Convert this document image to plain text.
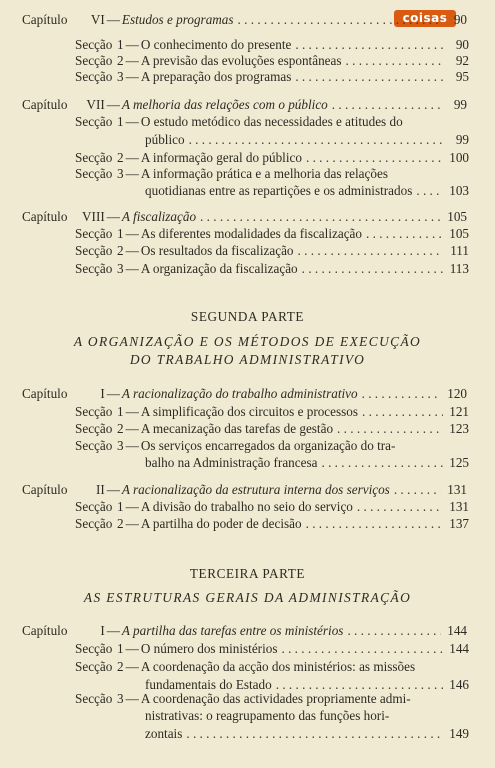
coisas
Capítulo VI — Estudos e programas . . .	90
Secção 1 — O conhecimento do presente . . .	90
Secção 2 — A previsão das evoluções espontâneas . . .	92
Secção 3 — A preparação dos programas . . .	95
Capítulo VII — A melhoria das relações com o público . . .	99
Secção 1 — O estudo metódico das necessidades e atitudes do
público . . .	99
Secção 2 — A informação geral do público . . .	100
Secção 3 — A informação prática e a melhoria das relações
quotidianas entre as repartições e os administrados . . .	103
Capítulo VIII — A fiscalização . . .	105
Secção 1 — As diferentes modalidades da fiscalização . . .	105
Secção 2 — Os resultados da fiscalização . . .	111
Secção 3 — A organização da fiscalização . . .	113
SEGUNDA PARTE
A ORGANIZAÇÃO E OS MÉTODOS DE EXECUÇÃO
DO TRABALHO ADMINISTRATIVO
Capítulo I — A racionalização do trabalho administrativo . . .	120
Secção 1 — A simplificação dos circuitos e processos . . .	121
Secção 2 — A mecanização das tarefas de gestão . . .	123
Secção 3 — Os serviços encarregados da organização do tra-
balho na Administração francesa . . .	125
Capítulo II — A racionalização da estrutura interna dos serviços . . .	131
Secção 1 — A divisão do trabalho no seio do serviço . . .	131
Secção 2 — A partilha do poder de decisão . . .	137
TERCEIRA PARTE
AS ESTRUTURAS GERAIS DA ADMINISTRAÇÃO
Capítulo I — A partilha das tarefas entre os ministérios . . .	144
Secção 1 — O número dos ministérios . . .	144
Secção 2 — A coordenação da acção dos ministérios: as missões
fundamentais do Estado . . .	146
Secção 3 — A coordenação das actividades propriamente admi-
nistrativas: o reagrupamento das funções hori-
zontais . . .	149
